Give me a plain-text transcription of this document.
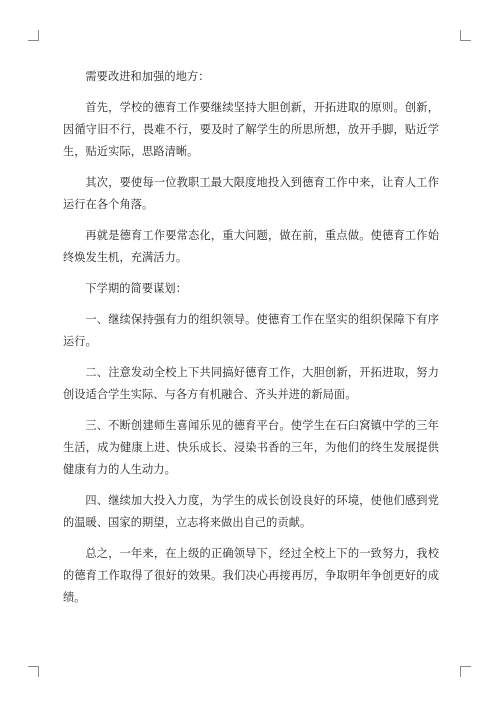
需要改进和加强的地方：

首先，学校的德育工作要继续坚持大胆创新，开拓进取的原则。创新，因循守旧不行，畏难不行，要及时了解学生的所思所想，放开手脚，贴近学生，贴近实际，思路清晰。

其次，要使每一位教职工最大限度地投入到德育工作中来，让育人工作运行在各个角落。

再就是德育工作要常态化，重大问题，做在前，重点做。使德育工作始终焕发生机，充满活力。

下学期的简要谋划：

一、继续保持强有力的组织领导。使德育工作在坚实的组织保障下有序运行。

二、注意发动全校上下共同搞好德育工作，大胆创新，开拓进取，努力创设适合学生实际、与各方有机融合、齐头并进的新局面。

三、不断创建师生喜闻乐见的德育平台。使学生在石臼窝镇中学的三年生活，成为健康上进、快乐成长、浸染书香的三年，为他们的终生发展提供健康有力的人生动力。

四、继续加大投入力度，为学生的成长创设良好的环境，使他们感到党的温暖、国家的期望，立志将来做出自己的贡献。

总之，一年来，在上级的正确领导下，经过全校上下的一致努力，我校的德育工作取得了很好的效果。我们决心再接再厉，争取明年争创更好的成绩。
